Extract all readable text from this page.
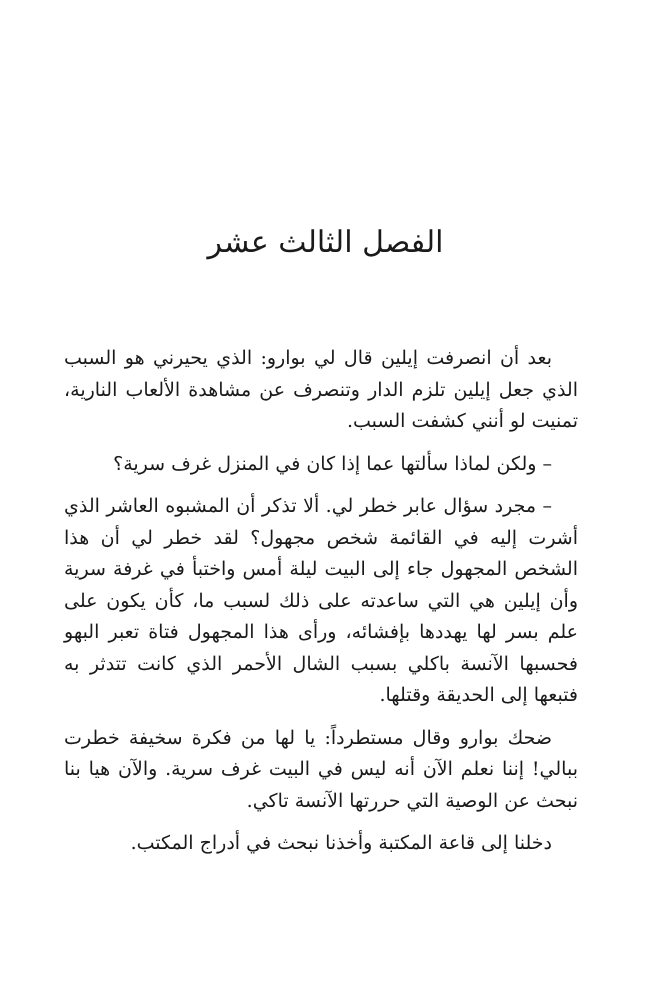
الفصل الثالث عشر

بعد أن انصرفت إيلين قال لي بوارو: الذي يحيرني هو السبب الذي جعل إيلين تلزم الدار وتنصرف عن مشاهدة الألعاب النارية، تمنيت لو أنني كشفت السبب.

– ولكن لماذا سألتها عما إذا كان في المنزل غرف سرية؟

– مجرد سؤال عابر خطر لي. ألا تذكر أن المشبوه العاشر الذي أشرت إليه في القائمة شخص مجهول؟ لقد خطر لي أن هذا الشخص المجهول جاء إلى البيت ليلة أمس واختبأ في غرفة سرية وأن إيلين هي التي ساعدته على ذلك لسبب ما، كأن يكون على علم بسر لها يهددها بإفشائه، ورأى هذا المجهول فتاة تعبر البهو فحسبها الآنسة باكلي بسبب الشال الأحمر الذي كانت تتدثر به فتبعها إلى الحديقة وقتلها.

ضحك بوارو وقال مستطرداً: يا لها من فكرة سخيفة خطرت ببالي! إننا نعلم الآن أنه ليس في البيت غرف سرية. والآن هيا بنا نبحث عن الوصية التي حررتها الآنسة تاكي.

دخلنا إلى قاعة المكتبة وأخذنا نبحث في أدراج المكتب.
